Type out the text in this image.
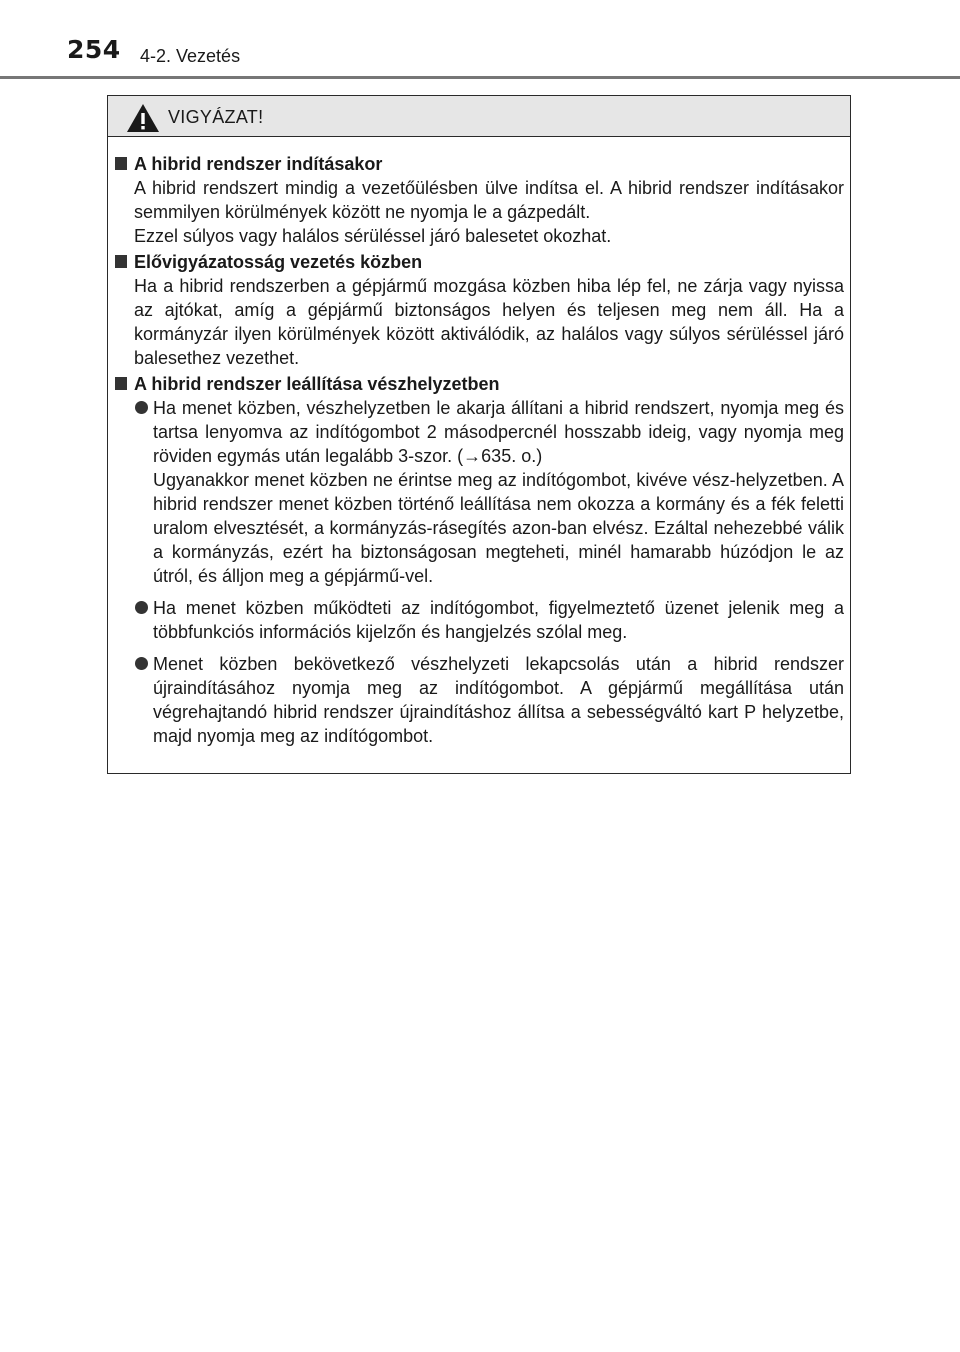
254 4-2. Vezetés
VIGYÁZAT!
A hibrid rendszer indításakor
A hibrid rendszert mindig a vezetőülésben ülve indítsa el. A hibrid rendszer indításakor semmilyen körülmények között ne nyomja le a gázpedált.
Ezzel súlyos vagy halálos sérüléssel járó balesetet okozhat.
Elővigyázatosság vezetés közben
Ha a hibrid rendszerben a gépjármű mozgása közben hiba lép fel, ne zárja vagy nyissa az ajtókat, amíg a gépjármű biztonságos helyen és teljesen meg nem áll. Ha a kormányzár ilyen körülmények között aktiválódik, az halálos vagy súlyos sérüléssel járó balesethez vezethet.
A hibrid rendszer leállítása vészhelyzetben
Ha menet közben, vészhelyzetben le akarja állítani a hibrid rendszert, nyomja meg és tartsa lenyomva az indítógombot 2 másodpercnél hosszabb ideig, vagy nyomja meg röviden egymás után legalább 3-szor. (→635. o.)
Ugyanakkor menet közben ne érintse meg az indítógombot, kivéve vész-helyzetben. A hibrid rendszer menet közben történő leállítása nem okozza a kormány és a fék feletti uralom elvesztését, a kormányzás-rásegítés azon-ban elvész. Ezáltal nehezebbé válik a kormányzás, ezért ha biztonságosan megteheti, minél hamarabb húzódjon le az útról, és álljon meg a gépjármű-vel.
Ha menet közben működteti az indítógombot, figyelmeztető üzenet jelenik meg a többfunkciós információs kijelzőn és hangjelzés szólal meg.
Menet közben bekövetkező vészhelyzeti lekapcsolás után a hibrid rendszer újraindításához nyomja meg az indítógombot. A gépjármű megállítása után végrehajtandó hibrid rendszer újraindításhoz állítsa a sebességváltó kart P helyzetbe, majd nyomja meg az indítógombot.
